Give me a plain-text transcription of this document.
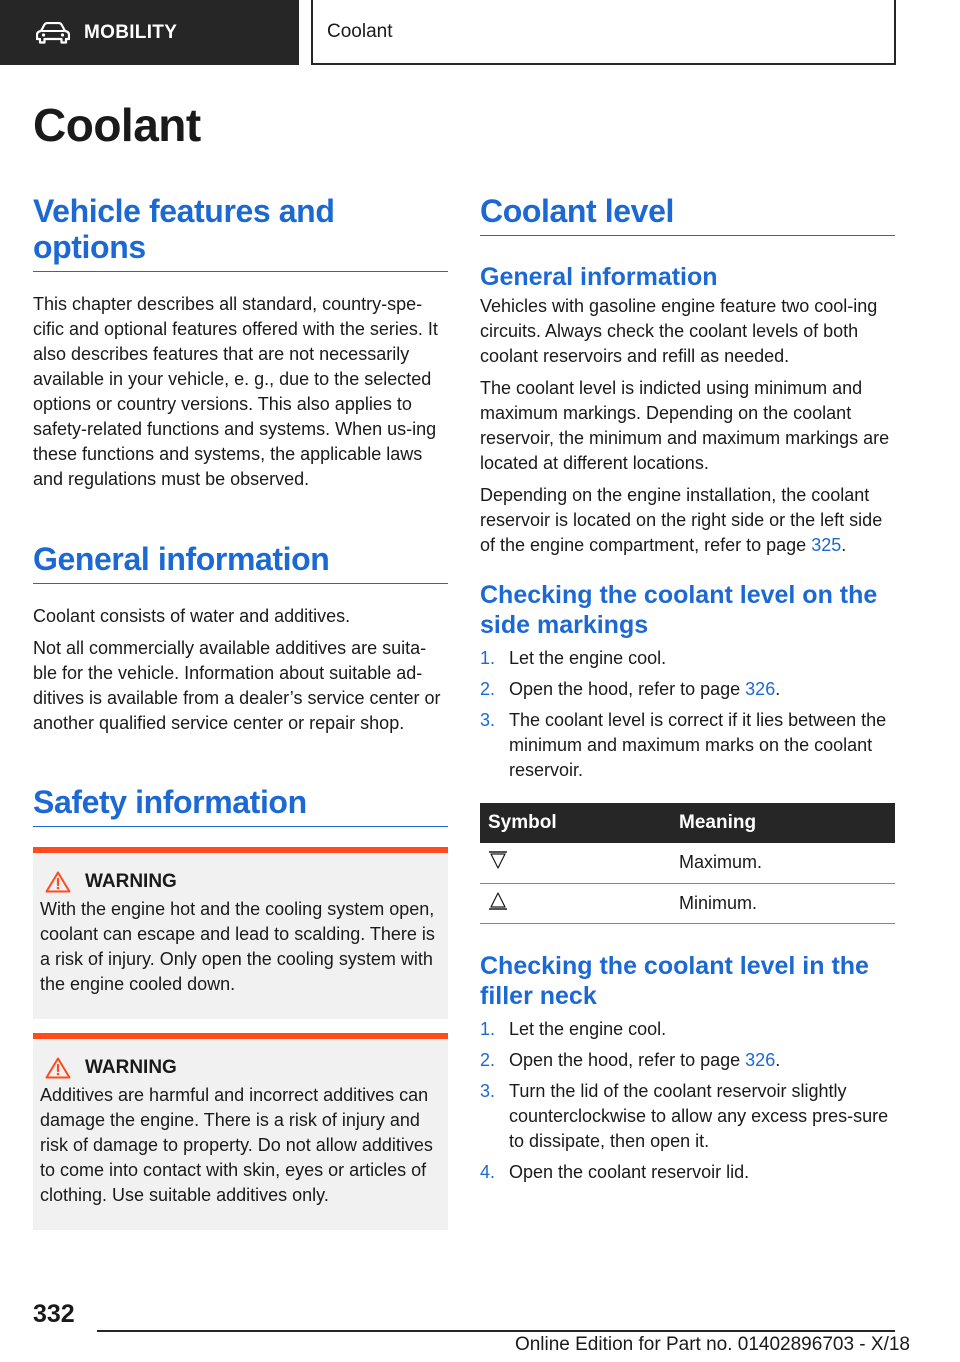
MOBILITY	Coolant
Coolant
Vehicle features and options
This chapter describes all standard, country-spe-cific and optional features offered with the series. It also describes features that are not necessarily available in your vehicle, e. g., due to the selected options or country versions. This also applies to safety-related functions and systems. When us-ing these functions and systems, the applicable laws and regulations must be observed.
General information
Coolant consists of water and additives.
Not all commercially available additives are suita-ble for the vehicle. Information about suitable ad-ditives is available from a dealer’s service center or another qualified service center or repair shop.
Safety information
WARNING
With the engine hot and the cooling system open, coolant can escape and lead to scalding. There is a risk of injury. Only open the cooling system with the engine cooled down.
WARNING
Additives are harmful and incorrect additives can damage the engine. There is a risk of injury and risk of damage to property. Do not allow additives to come into contact with skin, eyes or articles of clothing. Use suitable additives only.
Coolant level
General information
Vehicles with gasoline engine feature two cool-ing circuits. Always check the coolant levels of both coolant reservoirs and refill as needed.
The coolant level is indicted using minimum and maximum markings. Depending on the coolant reservoir, the minimum and maximum markings are located at different locations.
Depending on the engine installation, the coolant reservoir is located on the right side or the left side of the engine compartment, refer to page 325.
Checking the coolant level on the side markings
1. Let the engine cool.
2. Open the hood, refer to page 326.
3. The coolant level is correct if it lies between the minimum and maximum marks on the coolant reservoir.
Symbol	Meaning
	Maximum.
	Minimum.
Checking the coolant level in the filler neck
1. Let the engine cool.
2. Open the hood, refer to page 326.
3. Turn the lid of the coolant reservoir slightly counterclockwise to allow any excess pres-sure to dissipate, then open it.
4. Open the coolant reservoir lid.
332
Online Edition for Part no. 01402896703 - X/18
